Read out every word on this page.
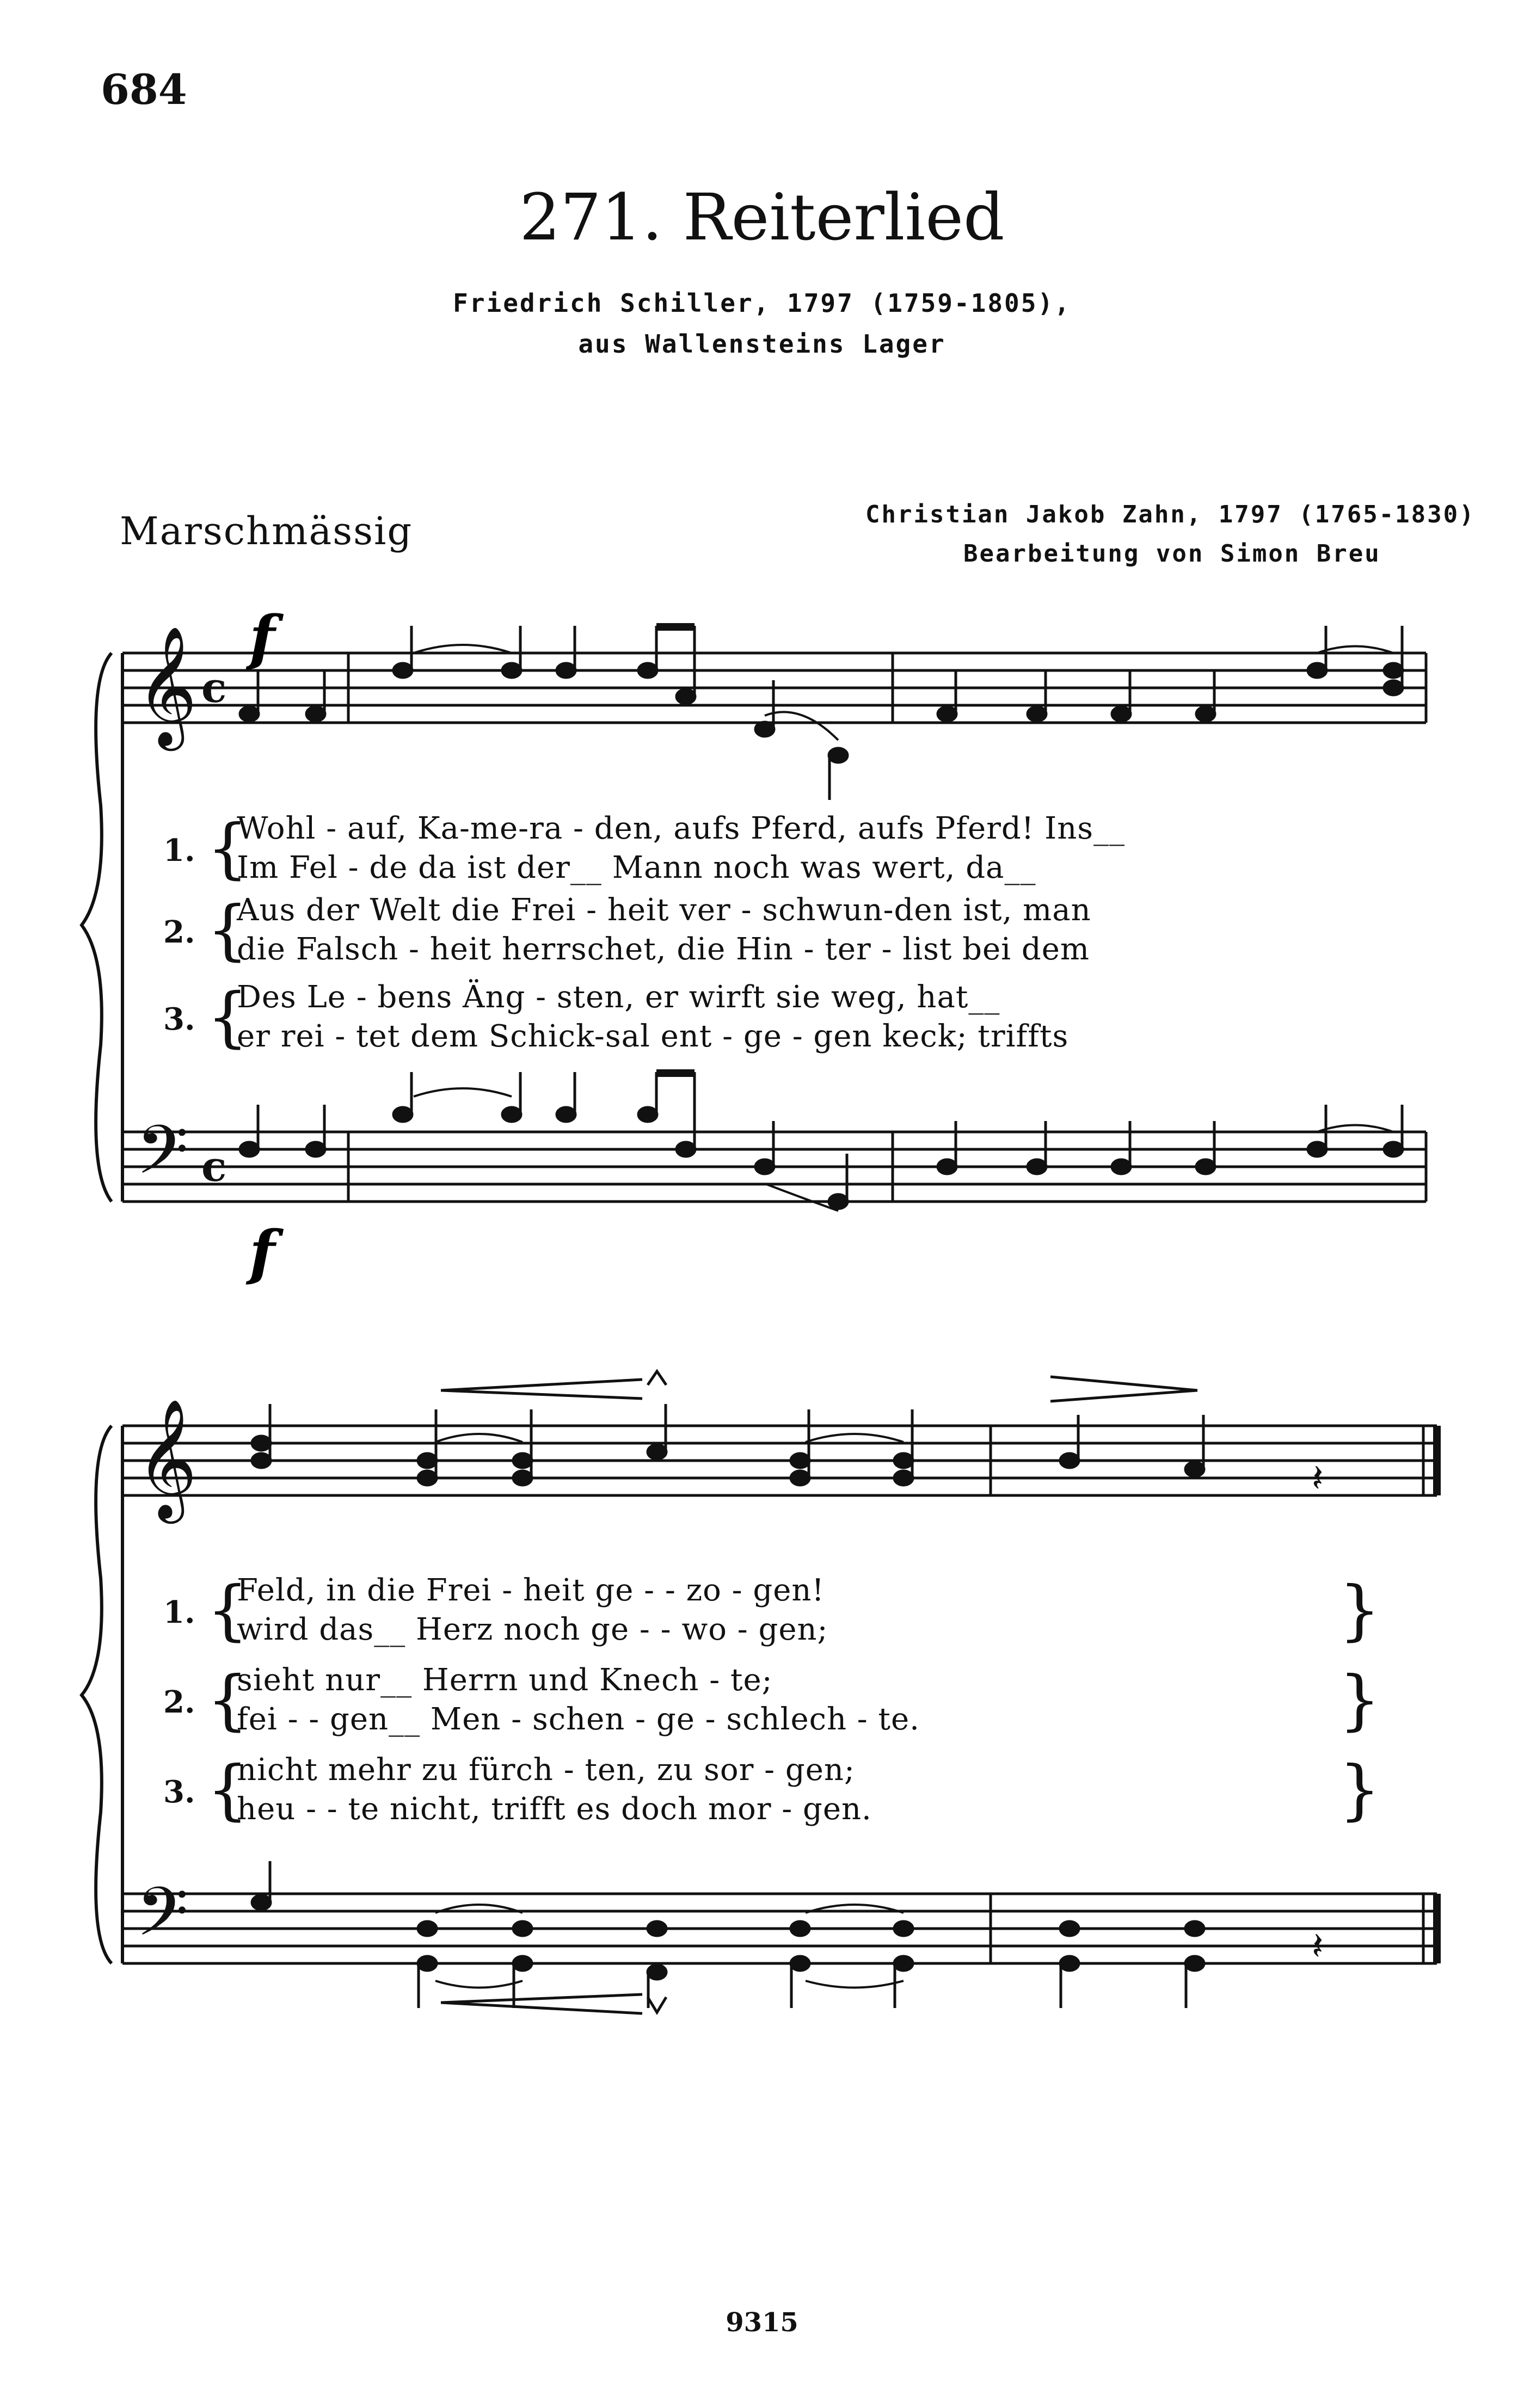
684
271. Reiterlied
Friedrich Schiller, 1797 (1759-1805),
aus Wallensteins Lager
Marschmässig	Christian Jakob Zahn, 1797 (1765-1830)
Bearbeitung von Simon Breu
𝄞 c
𝄢 c
𝄞
𝄢
f
f
𝄽
𝄽
1. {
Wohl - auf, Ka-me-ra - den, aufs Pferd, aufs Pferd! Ins__
Im Fel - de da ist der__ Mann noch was wert, da__
2. {
Aus der Welt die Frei - heit ver - schwun-den ist, man
die Falsch - heit herrschet, die Hin - ter - list bei dem
3. {
Des Le - bens Äng - sten, er wirft sie weg, hat__
er rei - tet dem Schick-sal ent - ge - gen keck; triffts
1. {
Feld, in die Frei - heit ge - - zo - gen!
wird das__ Herz noch ge - - wo - gen;	}
2. {
sieht nur__ Herrn und Knech - te;
fei - - gen__ Men - schen - ge - schlech - te.	}
3. {
nicht mehr zu fürch - ten, zu sor - gen;
heu - - te nicht, trifft es doch mor - gen.	}
9315
